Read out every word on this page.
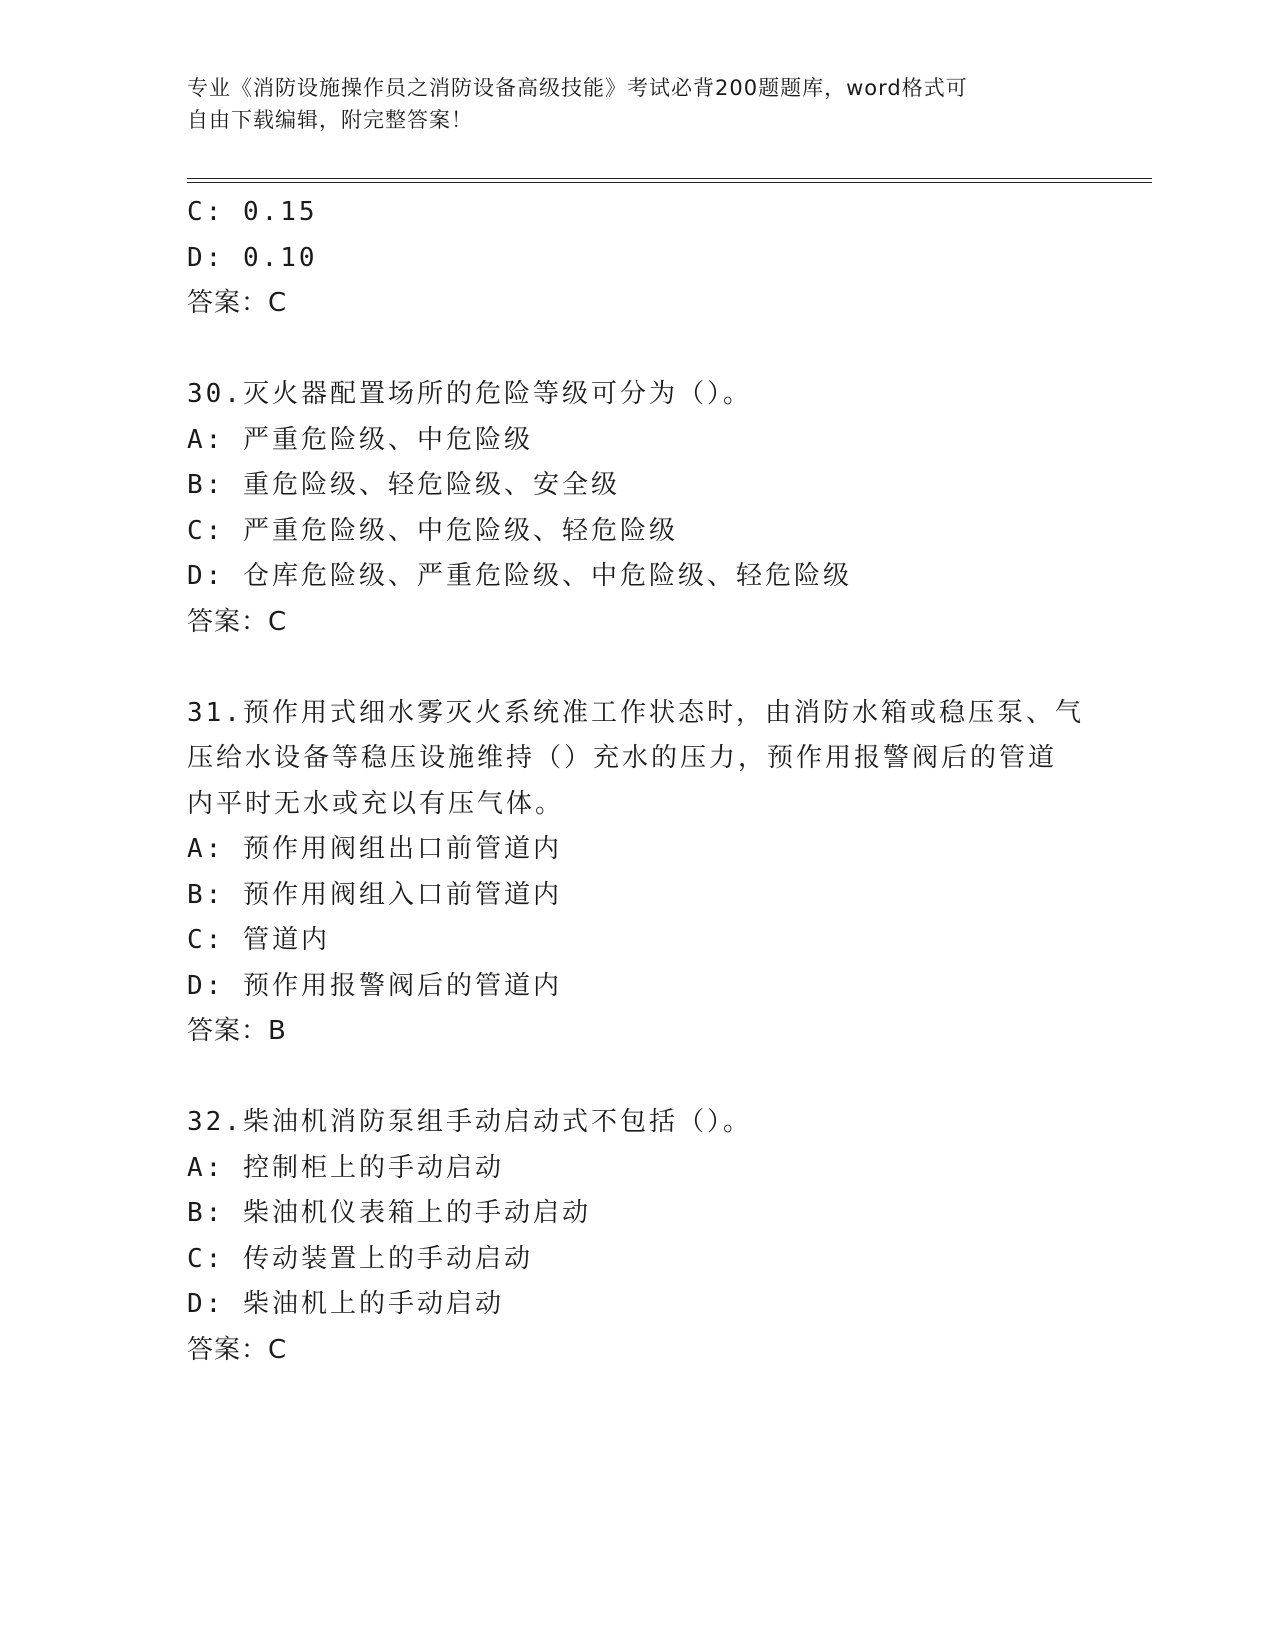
专业《消防设施操作员之消防设备高级技能》考试必背200题题库，word格式可
自由下载编辑，附完整答案！
C: 0.15
D: 0.10
答案：C
30.灭火器配置场所的危险等级可分为（）。
A: 严重危险级、中危险级
B: 重危险级、轻危险级、安全级
C: 严重危险级、中危险级、轻危险级
D: 仓库危险级、严重危险级、中危险级、轻危险级
答案：C
31.预作用式细水雾灭火系统准工作状态时，由消防水箱或稳压泵、气
压给水设备等稳压设施维持（）充水的压力，预作用报警阀后的管道
内平时无水或充以有压气体。
A: 预作用阀组出口前管道内
B: 预作用阀组入口前管道内
C: 管道内
D: 预作用报警阀后的管道内
答案：B
32.柴油机消防泵组手动启动式不包括（）。
A: 控制柜上的手动启动
B: 柴油机仪表箱上的手动启动
C: 传动装置上的手动启动
D: 柴油机上的手动启动
答案：C
